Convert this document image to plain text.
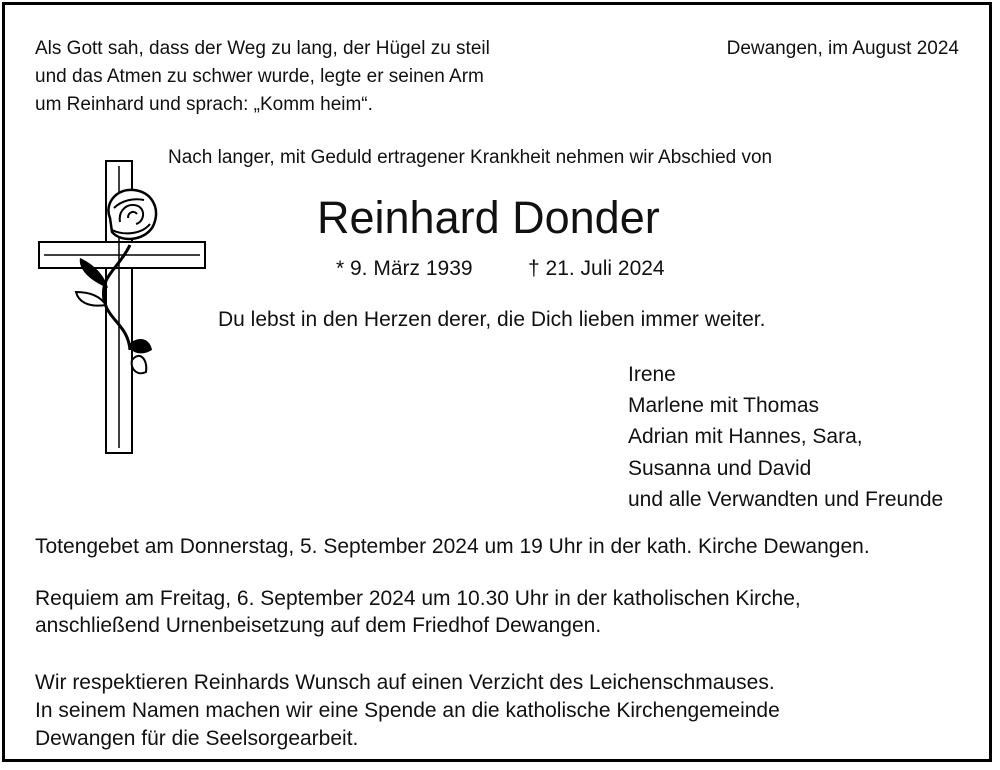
Als Gott sah, dass der Weg zu lang, der Hügel zu steil
und das Atmen zu schwer wurde, legte er seinen Arm
um Reinhard und sprach: „Komm heim“.
Dewangen, im August 2024
Nach langer, mit Geduld ertragener Krankheit nehmen wir Abschied von
Reinhard Donder
* 9. März 1939	† 21. Juli 2024
Du lebst in den Herzen derer, die Dich lieben immer weiter.
Irene
Marlene mit Thomas
Adrian mit Hannes, Sara,
Susanna und David
und alle Verwandten und Freunde
Totengebet am Donnerstag, 5. September 2024 um 19 Uhr in der kath. Kirche Dewangen.
Requiem am Freitag, 6. September 2024 um 10.30 Uhr in der katholischen Kirche,
anschließend Urnenbeisetzung auf dem Friedhof Dewangen.
Wir respektieren Reinhards Wunsch auf einen Verzicht des Leichenschmauses.
In seinem Namen machen wir eine Spende an die katholische Kirchengemeinde
Dewangen für die Seelsorgearbeit.
